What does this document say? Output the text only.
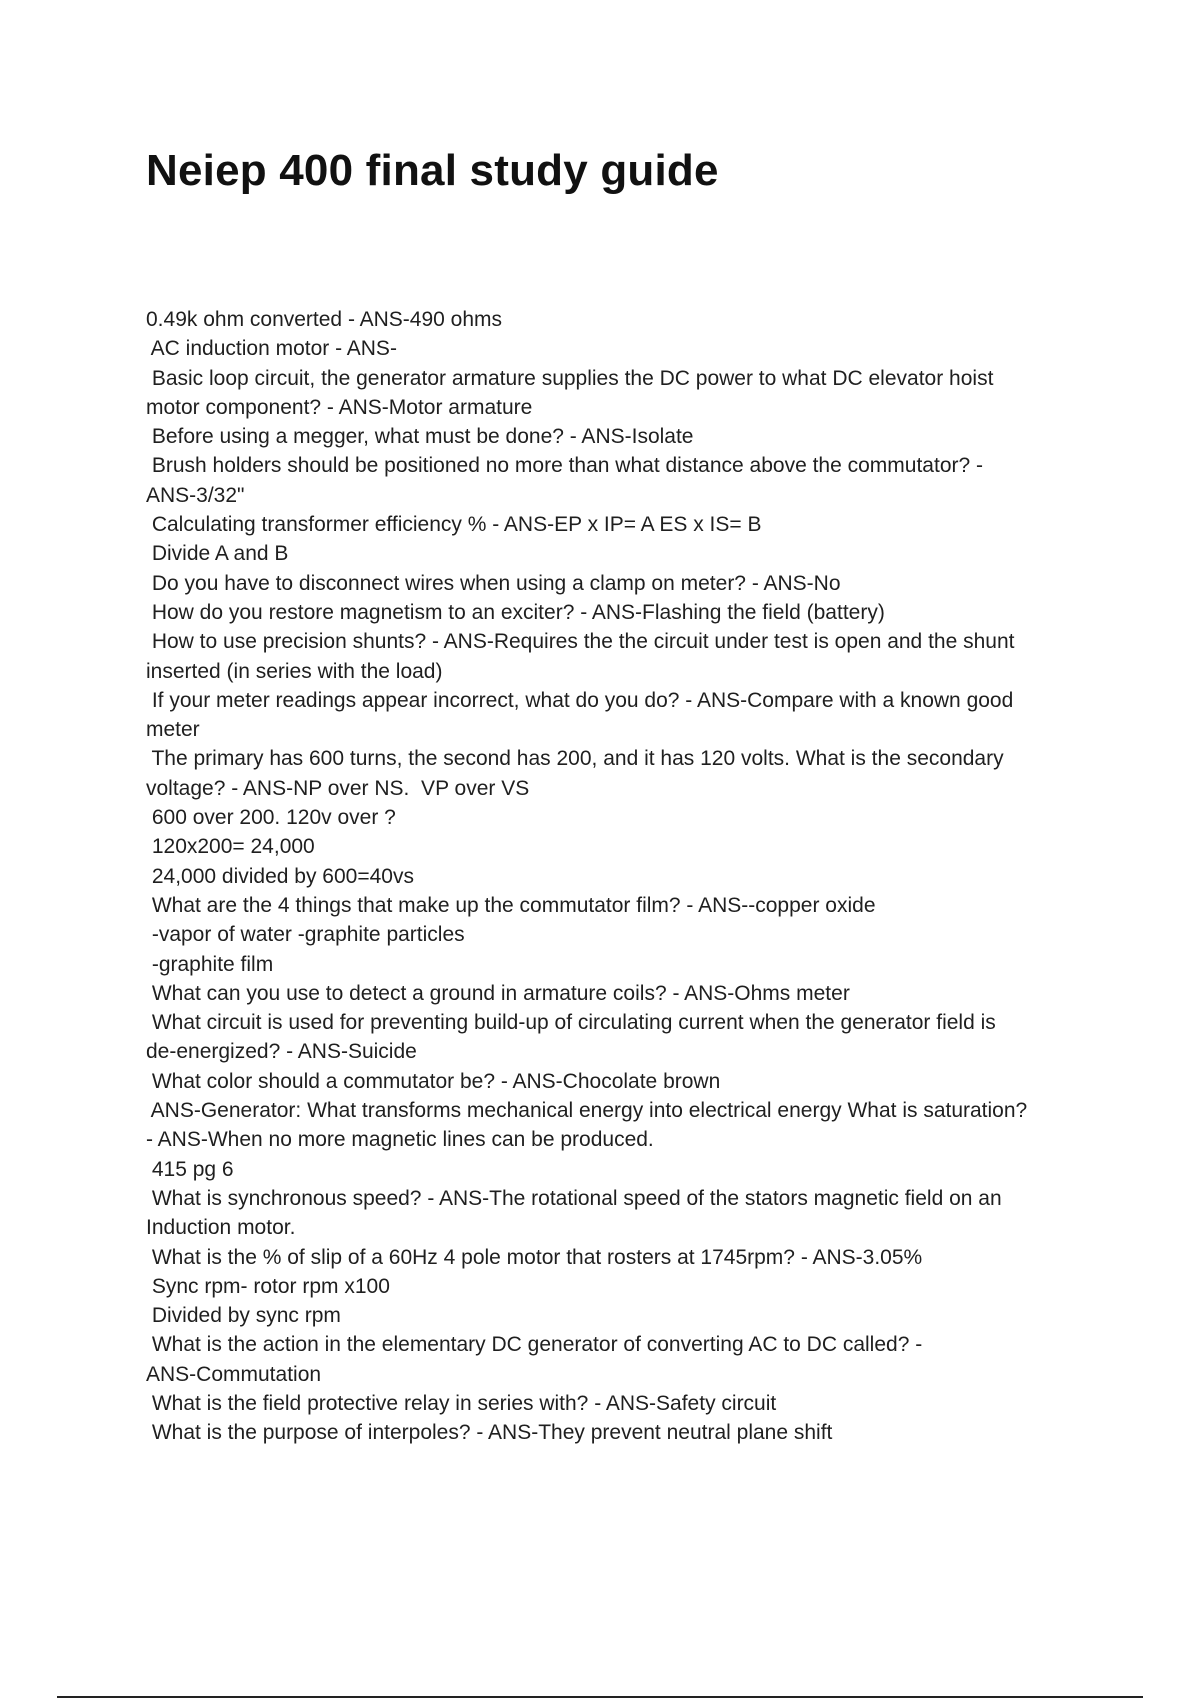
Neiep 400 final study guide
0.49k ohm converted - ANS-490 ohms
AC induction motor - ANS-
Basic loop circuit, the generator armature supplies the DC power to what DC elevator hoist
motor component? - ANS-Motor armature
Before using a megger, what must be done? - ANS-Isolate
Brush holders should be positioned no more than what distance above the commutator? -
ANS-3/32"
Calculating transformer efficiency % - ANS-EP x IP= A ES x IS= B
Divide A and B
Do you have to disconnect wires when using a clamp on meter? - ANS-No
How do you restore magnetism to an exciter? - ANS-Flashing the field (battery)
How to use precision shunts? - ANS-Requires the the circuit under test is open and the shunt
inserted (in series with the load)
If your meter readings appear incorrect, what do you do? - ANS-Compare with a known good
meter
The primary has 600 turns, the second has 200, and it has 120 volts. What is the secondary
voltage? - ANS-NP over NS.  VP over VS
600 over 200. 120v over ?
120x200= 24,000
24,000 divided by 600=40vs
What are the 4 things that make up the commutator film? - ANS--copper oxide
-vapor of water -graphite particles
-graphite film
What can you use to detect a ground in armature coils? - ANS-Ohms meter
What circuit is used for preventing build-up of circulating current when the generator field is
de-energized? - ANS-Suicide
What color should a commutator be? - ANS-Chocolate brown
ANS-Generator: What transforms mechanical energy into electrical energy What is saturation?
- ANS-When no more magnetic lines can be produced.
415 pg 6
What is synchronous speed? - ANS-The rotational speed of the stators magnetic field on an
Induction motor.
What is the % of slip of a 60Hz 4 pole motor that rosters at 1745rpm? - ANS-3.05%
Sync rpm- rotor rpm x100
Divided by sync rpm
What is the action in the elementary DC generator of converting AC to DC called? -
ANS-Commutation
What is the field protective relay in series with? - ANS-Safety circuit
What is the purpose of interpoles? - ANS-They prevent neutral plane shift
